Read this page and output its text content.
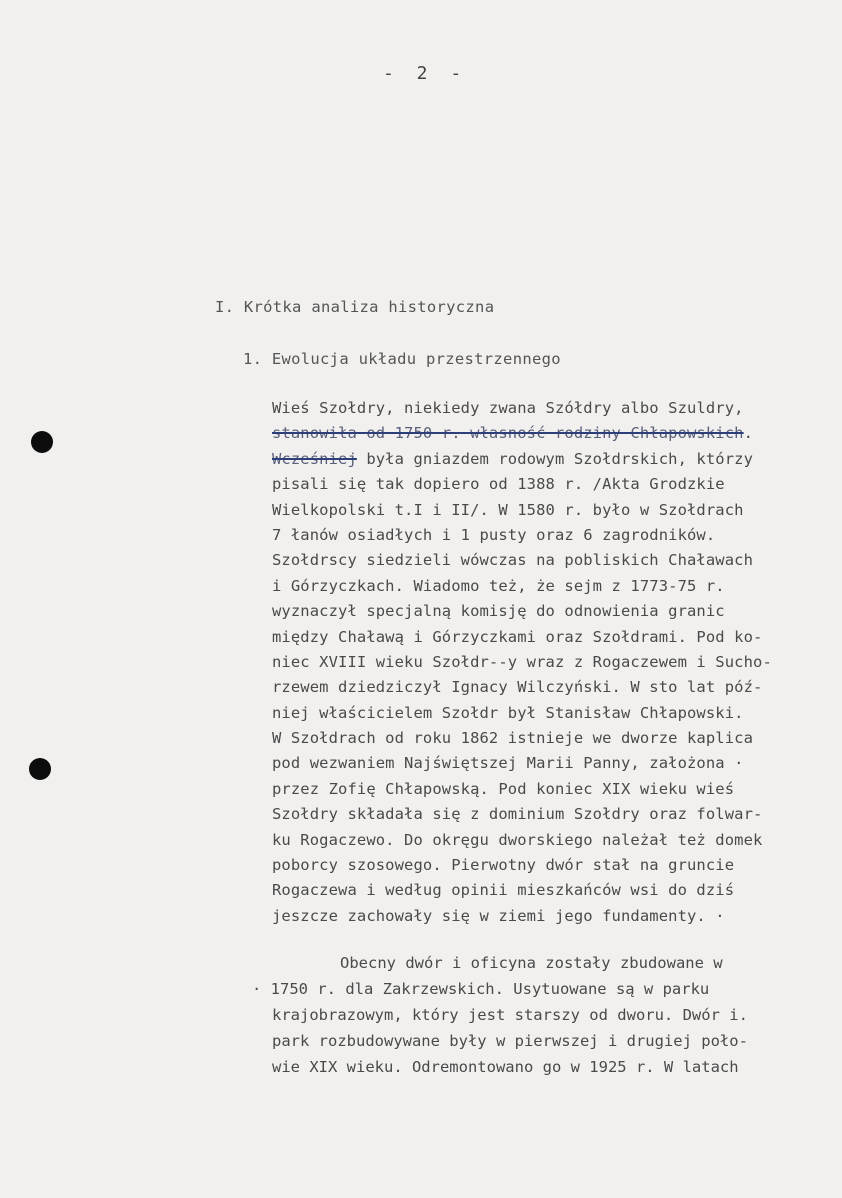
- 2 -
I. Krótka analiza historyczna
1. Ewolucja układu przestrzennego
Wieś Szołdry, niekiedy zwana Szółdry albo Szuldry,
stanowiła od 1750 r. własność rodziny Chłapowskich.
Wcześniej była gniazdem rodowym Szołdrskich, którzy
pisali się tak dopiero od 1388 r. /Akta Grodzkie
Wielkopolski t.I i II/. W 1580 r. było w Szołdrach
7 łanów osiadłych i 1 pusty oraz 6 zagrodników.
Szołdrscy siedzieli wówczas na pobliskich Chaławach
i Górzyczkach. Wiadomo też, że sejm z 1773-75 r.
wyznaczył specjalną komisję do odnowienia granic
między Chaławą i Górzyczkami oraz Szołdrami. Pod ko-
niec XVIII wieku Szołdr--y wraz z Rogaczewem i Sucho-
rzewem dziedziczył Ignacy Wilczyński. W sto lat póź-
niej właścicielem Szołdr był Stanisław Chłapowski.
W Szołdrach od roku 1862 istnieje we dworze kaplica
pod wezwaniem Najświętszej Marii Panny, założona ·
przez Zofię Chłapowską. Pod koniec XIX wieku wieś
Szołdry składała się z dominium Szołdry oraz folwar-
ku Rogaczewo. Do okręgu dworskiego należał też domek
poborcy szosowego. Pierwotny dwór stał na gruncie
Rogaczewa i według opinii mieszkańców wsi do dziś
jeszcze zachowały się w ziemi jego fundamenty. ·
Obecny dwór i oficyna zostały zbudowane w
· 1750 r. dla Zakrzewskich. Usytuowane są w parku
krajobrazowym, który jest starszy od dworu. Dwór i.
park rozbudowywane były w pierwszej i drugiej poło-
wie XIX wieku. Odremontowano go w 1925 r. W latach
